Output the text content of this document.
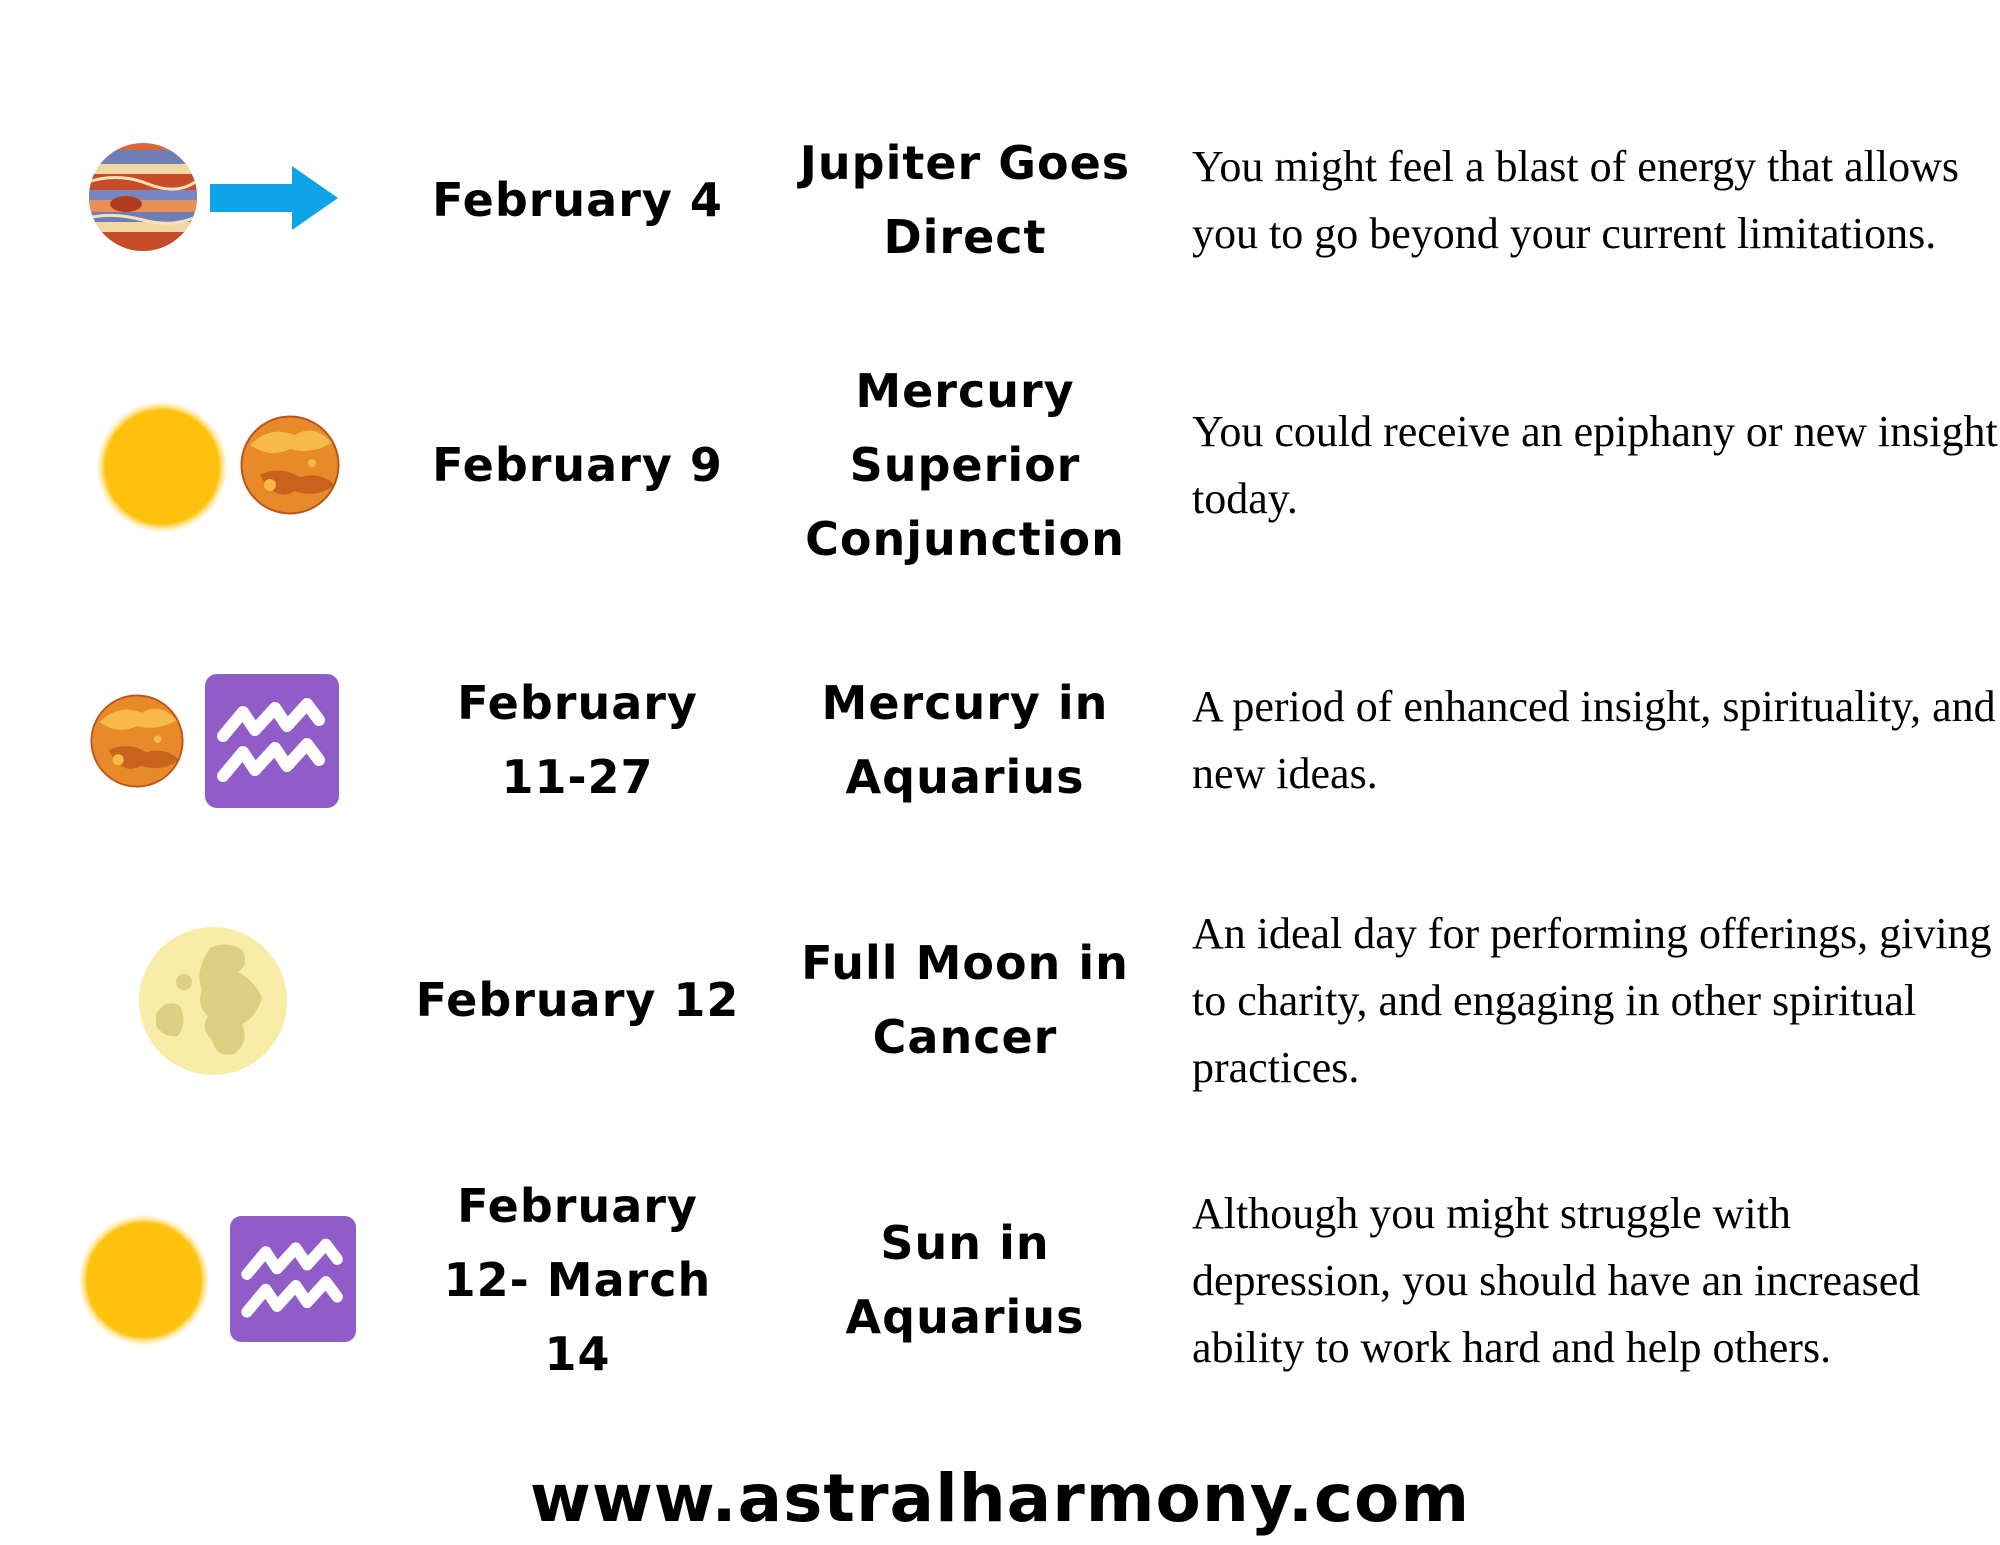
February 4
Jupiter Goes Direct
You might feel a blast of energy that allows you to go beyond your current limitations.
February 9
Mercury Superior Conjunction
You could receive an epiphany or new insight today.
February 11-27
Mercury in Aquarius
A period of enhanced insight, spirituality, and new ideas.
February 12
Full Moon in Cancer
An ideal day for performing offerings, giving to charity, and engaging in other spiritual practices.
February 12- March 14
Sun in Aquarius
Although you might struggle with depression, you should have an increased ability to work hard and help others.
www.astralharmony.com
